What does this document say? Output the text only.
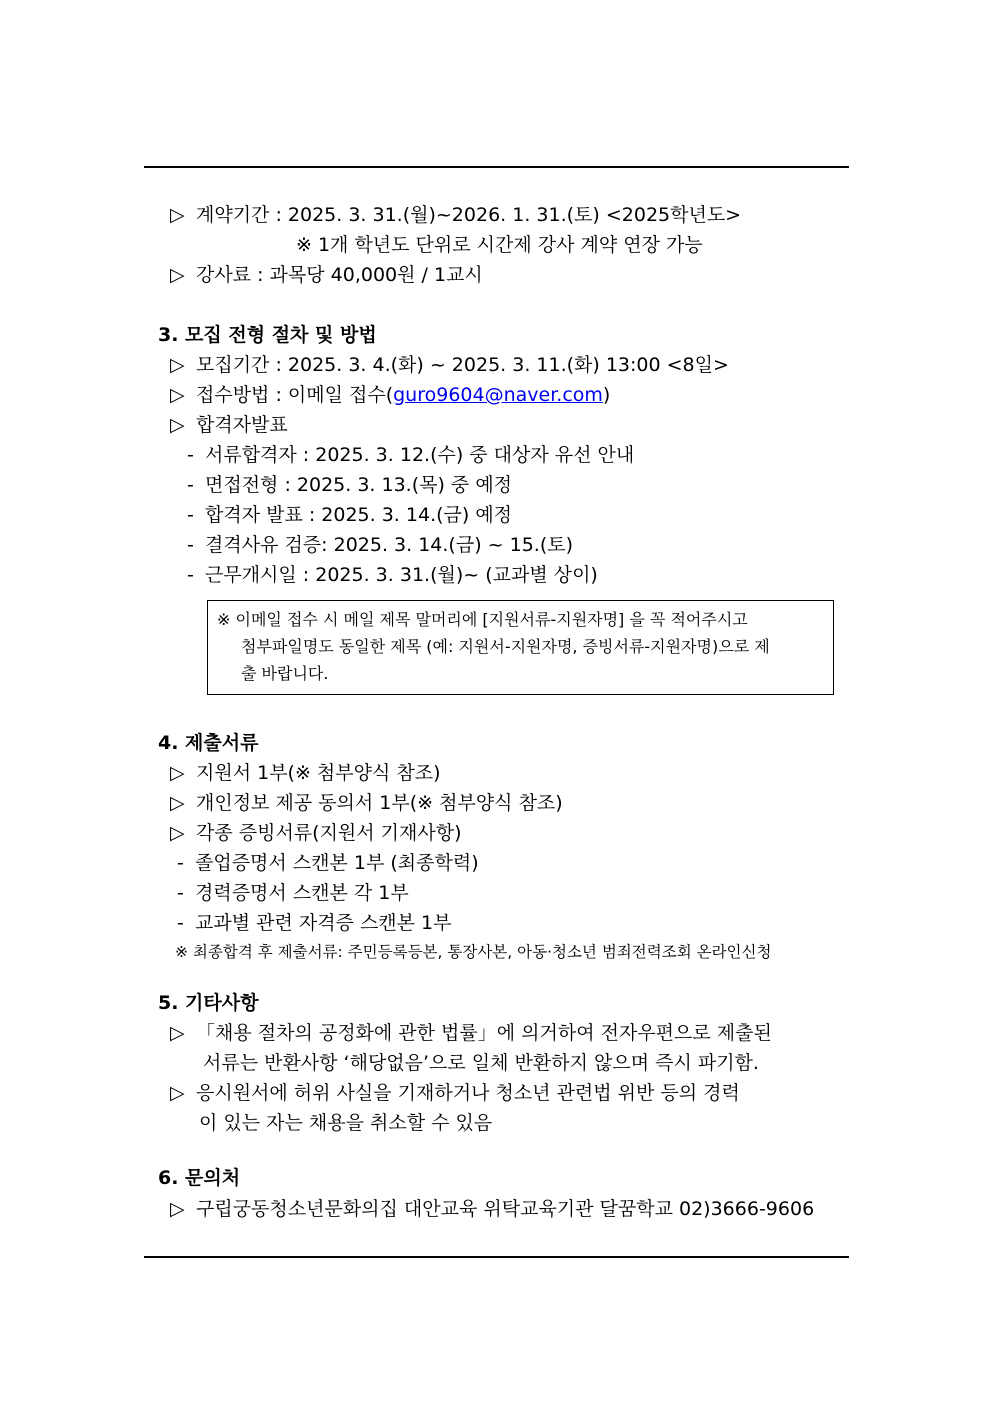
▷ 계약기간 : 2025. 3. 31.(월)~2026. 1. 31.(토) <2025학년도>
※ 1개 학년도 단위로 시간제 강사 계약 연장 가능
▷ 강사료 : 과목당 40,000원 / 1교시
3. 모집 전형 절차 및 방법
▷ 모집기간 : 2025. 3. 4.(화) ~ 2025. 3. 11.(화) 13:00 <8일>
▷ 접수방법 : 이메일 접수(guro9604@naver.com)
▷ 합격자발표
- 서류합격자 : 2025. 3. 12.(수) 중 대상자 유선 안내
- 면접전형 : 2025. 3. 13.(목) 중 예정
- 합격자 발표 : 2025. 3. 14.(금) 예정
- 결격사유 검증: 2025. 3. 14.(금) ~ 15.(토)
- 근무개시일 : 2025. 3. 31.(월)~ (교과별 상이)
※ 이메일 접수 시 메일 제목 말머리에 [지원서류-지원자명] 을 꼭 적어주시고
첨부파일명도 동일한 제목 (예: 지원서-지원자명, 증빙서류-지원자명)으로 제
출 바랍니다.
4. 제출서류
▷ 지원서 1부(※ 첨부양식 참조)
▷ 개인정보 제공 동의서 1부(※ 첨부양식 참조)
▷ 각종 증빙서류(지원서 기재사항)
- 졸업증명서 스캔본 1부 (최종학력)
- 경력증명서 스캔본 각 1부
- 교과별 관련 자격증 스캔본 1부
※ 최종합격 후 제출서류: 주민등록등본, 통장사본, 아동·청소년 범죄전력조회 온라인신청
5. 기타사항
▷ 「채용 절차의 공정화에 관한 법률」에 의거하여 전자우편으로 제출된
서류는 반환사항 ‘해당없음’으로 일체 반환하지 않으며 즉시 파기함.
▷ 응시원서에 허위 사실을 기재하거나 청소년 관련법 위반 등의 경력
이 있는 자는 채용을 취소할 수 있음
6. 문의처
▷ 구립궁동청소년문화의집 대안교육 위탁교육기관 달꿈학교 02)3666-9606
